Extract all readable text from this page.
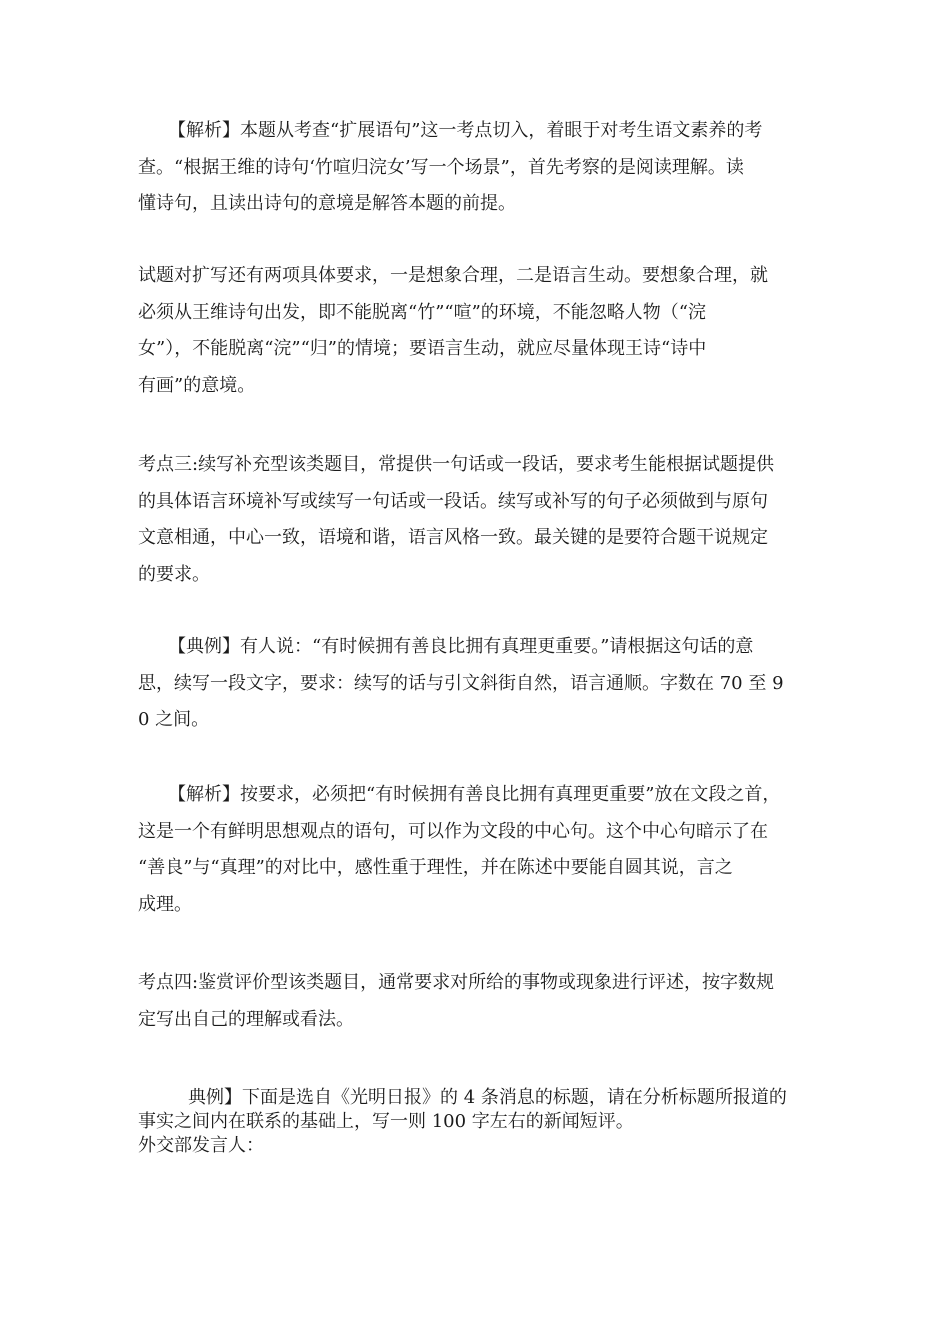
【解析】本题从考查“扩展语句”这一考点切入，着眼于对考生语文素养的考
查。“根据王维的诗句‘竹喧归浣女’写一个场景”，首先考察的是阅读理解。读
懂诗句，且读出诗句的意境是解答本题的前提。

试题对扩写还有两项具体要求，一是想象合理，二是语言生动。要想象合理，就
必须从王维诗句出发，即不能脱离“竹”“喧”的环境，不能忽略人物（“浣
女”），不能脱离“浣”“归”的情境；要语言生动，就应尽量体现王诗“诗中
有画”的意境。

考点三:续写补充型该类题目，常提供一句话或一段话，要求考生能根据试题提供
的具体语言环境补写或续写一句话或一段话。续写或补写的句子必须做到与原句
文意相通，中心一致，语境和谐，语言风格一致。最关键的是要符合题干说规定
的要求。

【典例】有人说：“有时候拥有善良比拥有真理更重要。”请根据这句话的意
思，续写一段文字，要求：续写的话与引文斜街自然，语言通顺。字数在 70 至 9
0 之间。

【解析】按要求，必须把“有时候拥有善良比拥有真理更重要”放在文段之首，
这是一个有鲜明思想观点的语句，可以作为文段的中心句。这个中心句暗示了在
“善良”与“真理”的对比中，感性重于理性，并在陈述中要能自圆其说，言之
成理。

考点四:鉴赏评价型该类题目，通常要求对所给的事物或现象进行评述，按字数规
定写出自己的理解或看法。

典例】下面是选自《光明日报》的 4 条消息的标题，请在分析标题所报道的
事实之间内在联系的基础上，写一则 100 字左右的新闻短评。
外交部发言人：
